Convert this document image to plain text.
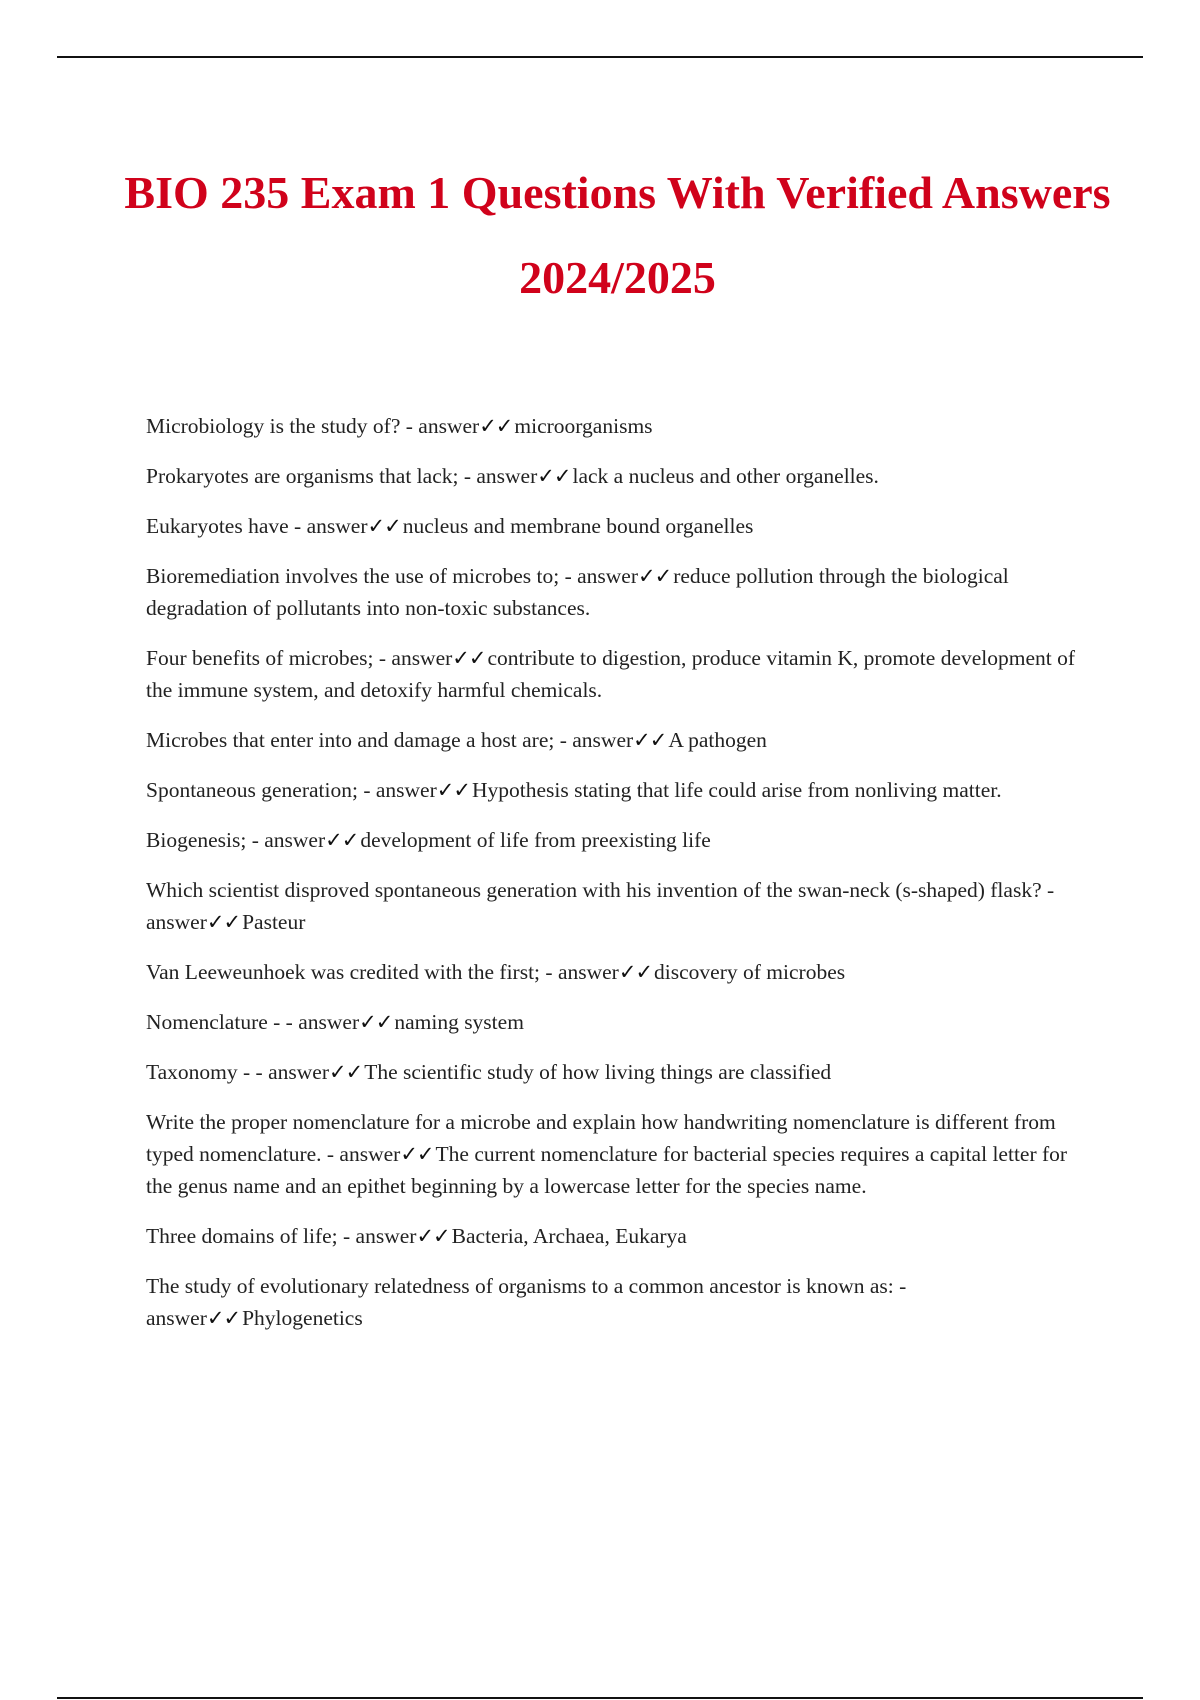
BIO 235 Exam 1 Questions With Verified Answers 2024/2025
Microbiology is the study of? - answer✓✓microorganisms
Prokaryotes are organisms that lack; - answer✓✓lack a nucleus and other organelles.
Eukaryotes have - answer✓✓nucleus and membrane bound organelles
Bioremediation involves the use of microbes to; - answer✓✓reduce pollution through the biological degradation of pollutants into non-toxic substances.
Four benefits of microbes; - answer✓✓contribute to digestion, produce vitamin K, promote development of the immune system, and detoxify harmful chemicals.
Microbes that enter into and damage a host are; - answer✓✓A pathogen
Spontaneous generation; - answer✓✓Hypothesis stating that life could arise from nonliving matter.
Biogenesis; - answer✓✓development of life from preexisting life
Which scientist disproved spontaneous generation with his invention of the swan-neck (s-shaped) flask? - answer✓✓Pasteur
Van Leeweunhoek was credited with the first; - answer✓✓discovery of microbes
Nomenclature - - answer✓✓naming system
Taxonomy - - answer✓✓The scientific study of how living things are classified
Write the proper nomenclature for a microbe and explain how handwriting nomenclature is different from typed nomenclature. - answer✓✓The current nomenclature for bacterial species requires a capital letter for the genus name and an epithet beginning by a lowercase letter for the species name.
Three domains of life; - answer✓✓Bacteria, Archaea, Eukarya
The study of evolutionary relatedness of organisms to a common ancestor is known as: - answer✓✓Phylogenetics
